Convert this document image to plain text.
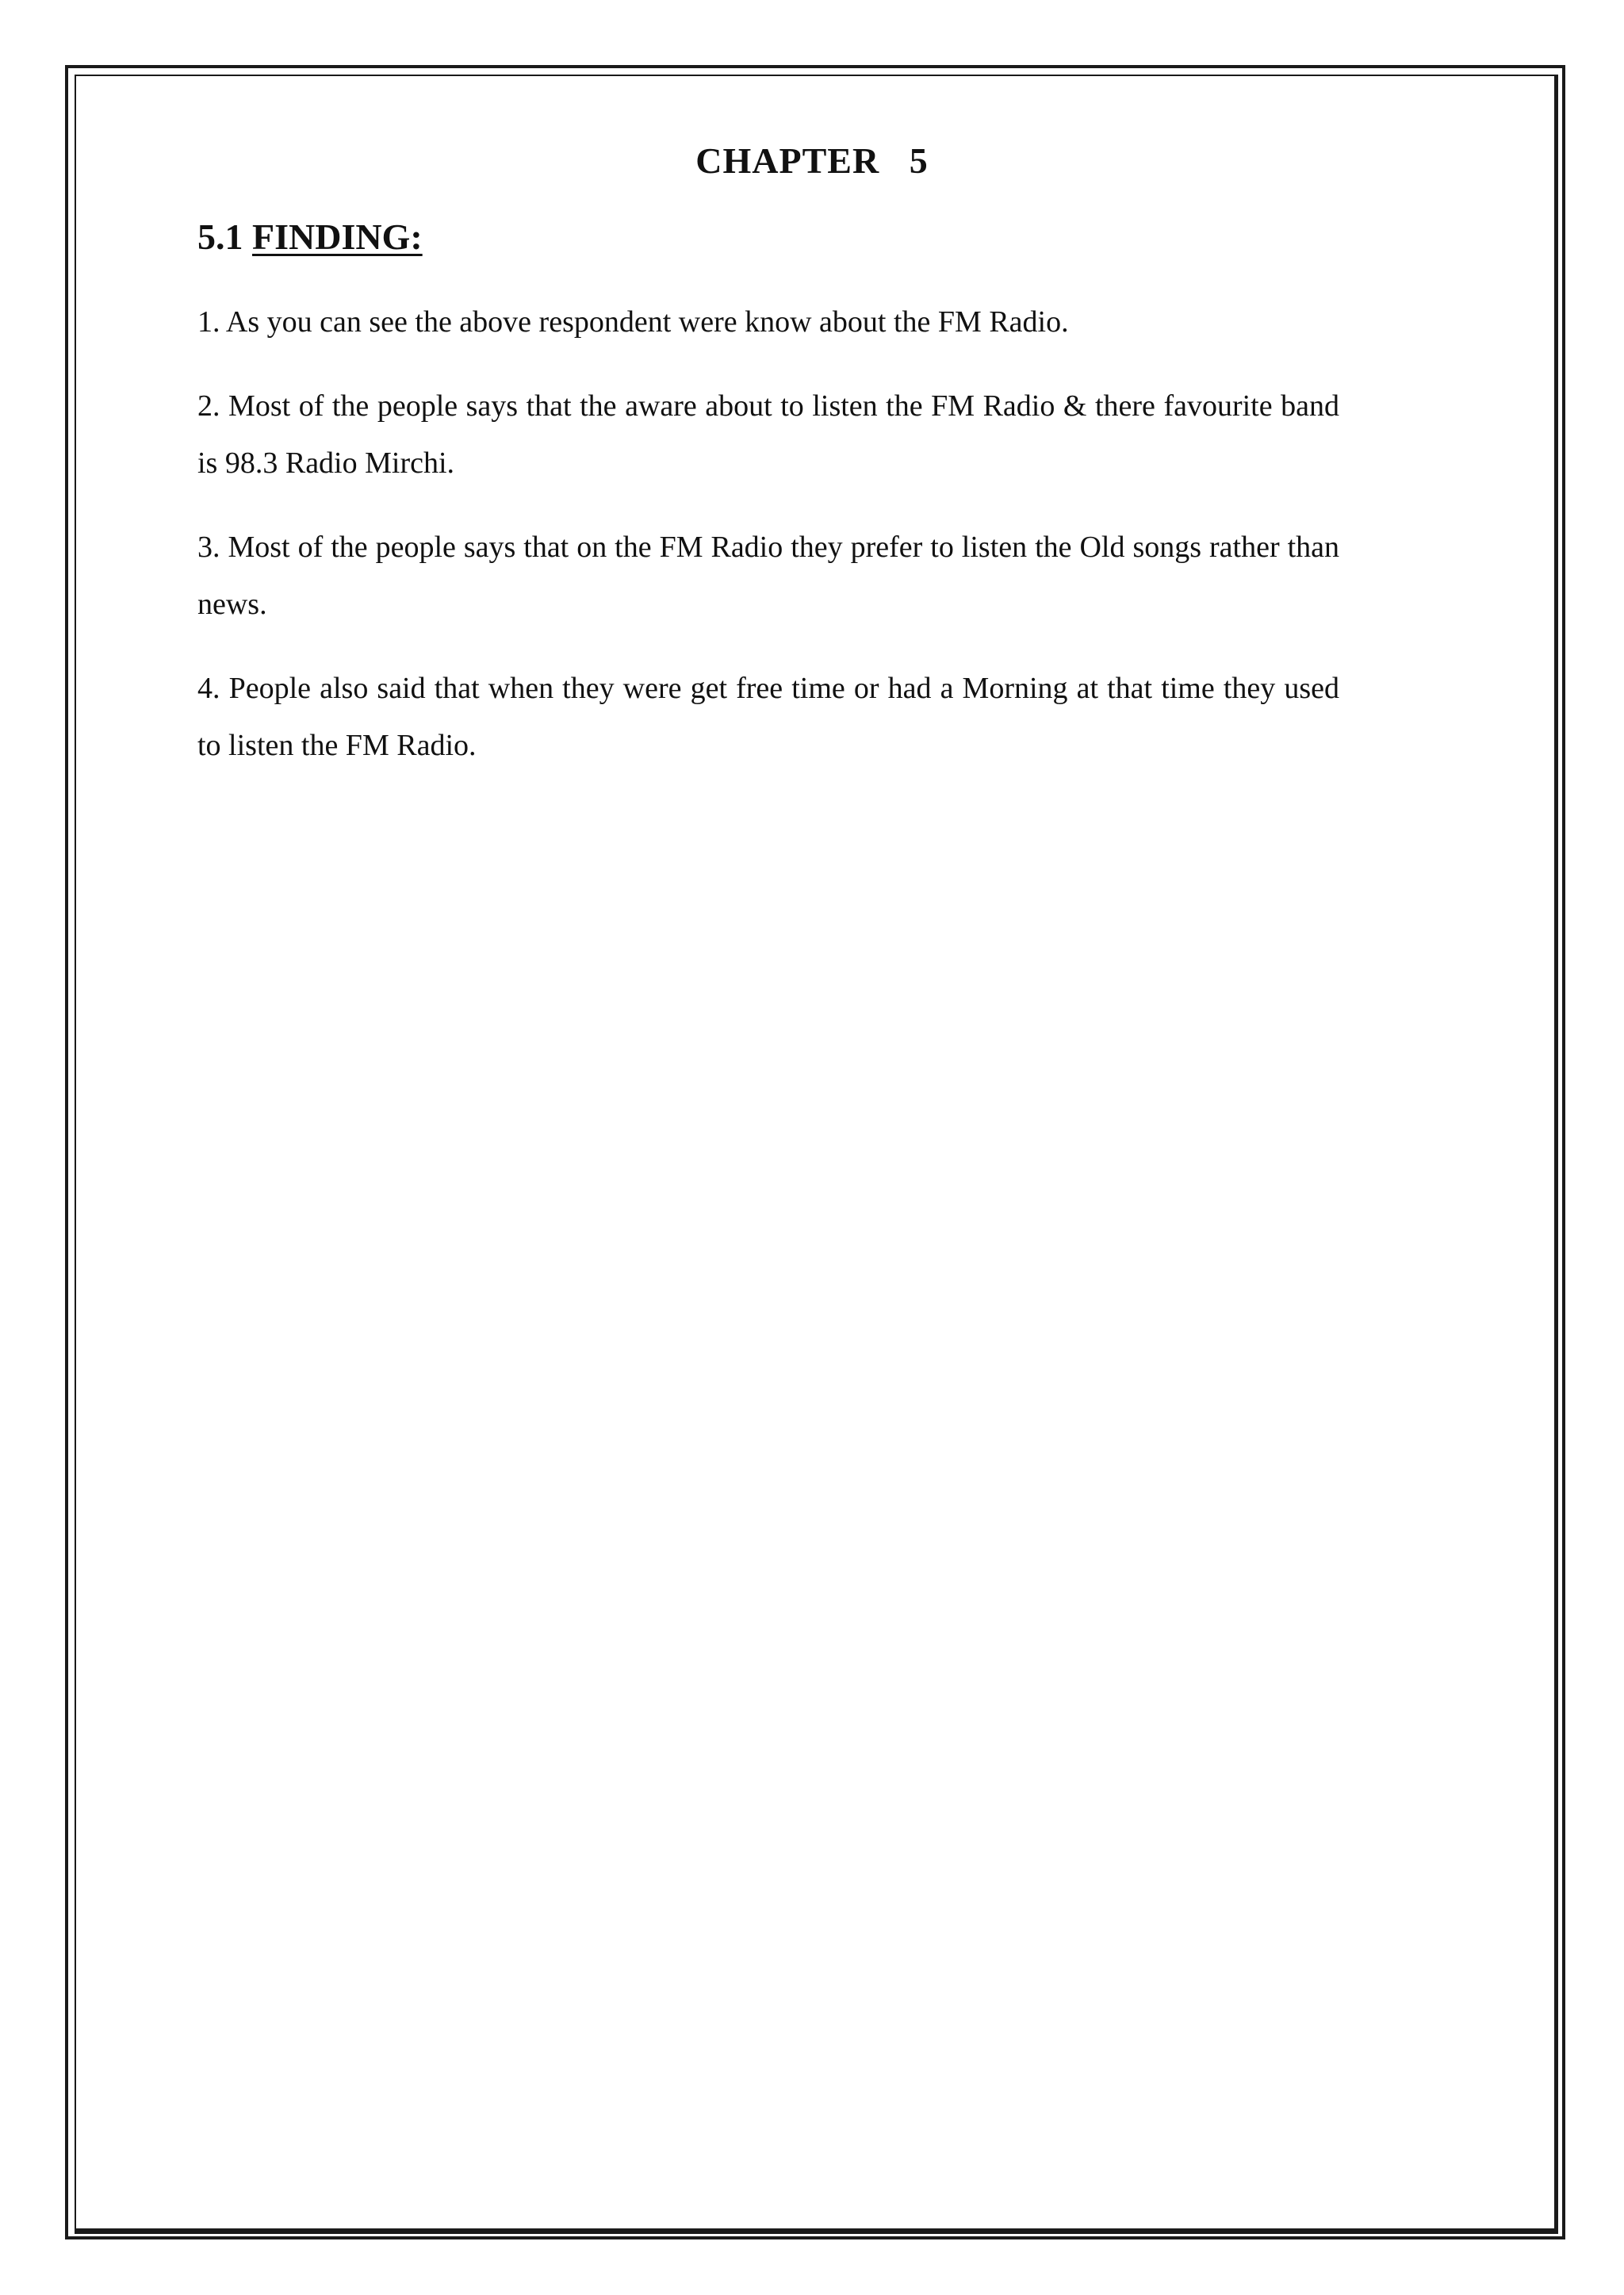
CHAPTER   5
5.1 FINDING:
1. As you can see the above respondent were know about the FM Radio.
2. Most of the people says that the aware about to listen the FM Radio & there favourite band is 98.3 Radio Mirchi.
3. Most of the people says that on the FM Radio they prefer to listen the Old songs rather than news.
4. People also said that when they were get free time or had a Morning at that time they used to listen the FM Radio.
